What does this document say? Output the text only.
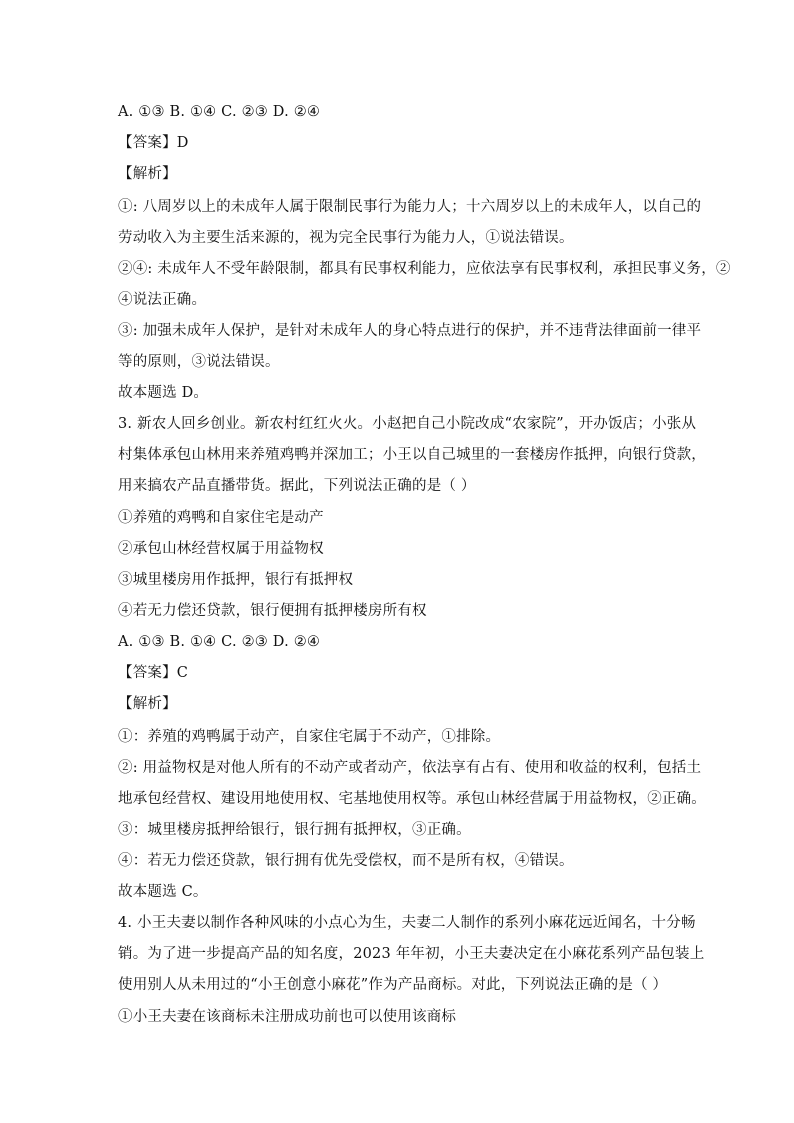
A. ①③ B. ①④ C. ②③ D. ②④
【答案】D
【解析】
①: 八周岁以上的未成年人属于限制民事行为能力人；十六周岁以上的未成年人，以自己的
劳动收入为主要生活来源的，视为完全民事行为能力人，①说法错误。
②④: 未成年人不受年龄限制，都具有民事权利能力，应依法享有民事权利，承担民事义务，②
④说法正确。
③: 加强未成年人保护，是针对未成年人的身心特点进行的保护，并不违背法律面前一律平
等的原则，③说法错误。
故本题选 D。
3. 新农人回乡创业。新农村红红火火。小赵把自己小院改成“农家院”，开办饭店；小张从
村集体承包山林用来养殖鸡鸭并深加工；小王以自己城里的一套楼房作抵押，向银行贷款，
用来搞农产品直播带货。据此，下列说法正确的是（ ）
①养殖的鸡鸭和自家住宅是动产
②承包山林经营权属于用益物权
③城里楼房用作抵押，银行有抵押权
④若无力偿还贷款，银行便拥有抵押楼房所有权
A. ①③ B. ①④ C. ②③ D. ②④
【答案】C
【解析】
①：养殖的鸡鸭属于动产，自家住宅属于不动产，①排除。
②: 用益物权是对他人所有的不动产或者动产，依法享有占有、使用和收益的权利，包括土
地承包经营权、建设用地使用权、宅基地使用权等。承包山林经营属于用益物权，②正确。
③：城里楼房抵押给银行，银行拥有抵押权，③正确。
④：若无力偿还贷款，银行拥有优先受偿权，而不是所有权，④错误。
故本题选 C。
4. 小王夫妻以制作各种风味的小点心为生，夫妻二人制作的系列小麻花远近闻名，十分畅
销。为了进一步提高产品的知名度，2023 年年初，小王夫妻决定在小麻花系列产品包装上
使用别人从未用过的“小王创意小麻花”作为产品商标。对此，下列说法正确的是（ ）
①小王夫妻在该商标未注册成功前也可以使用该商标
